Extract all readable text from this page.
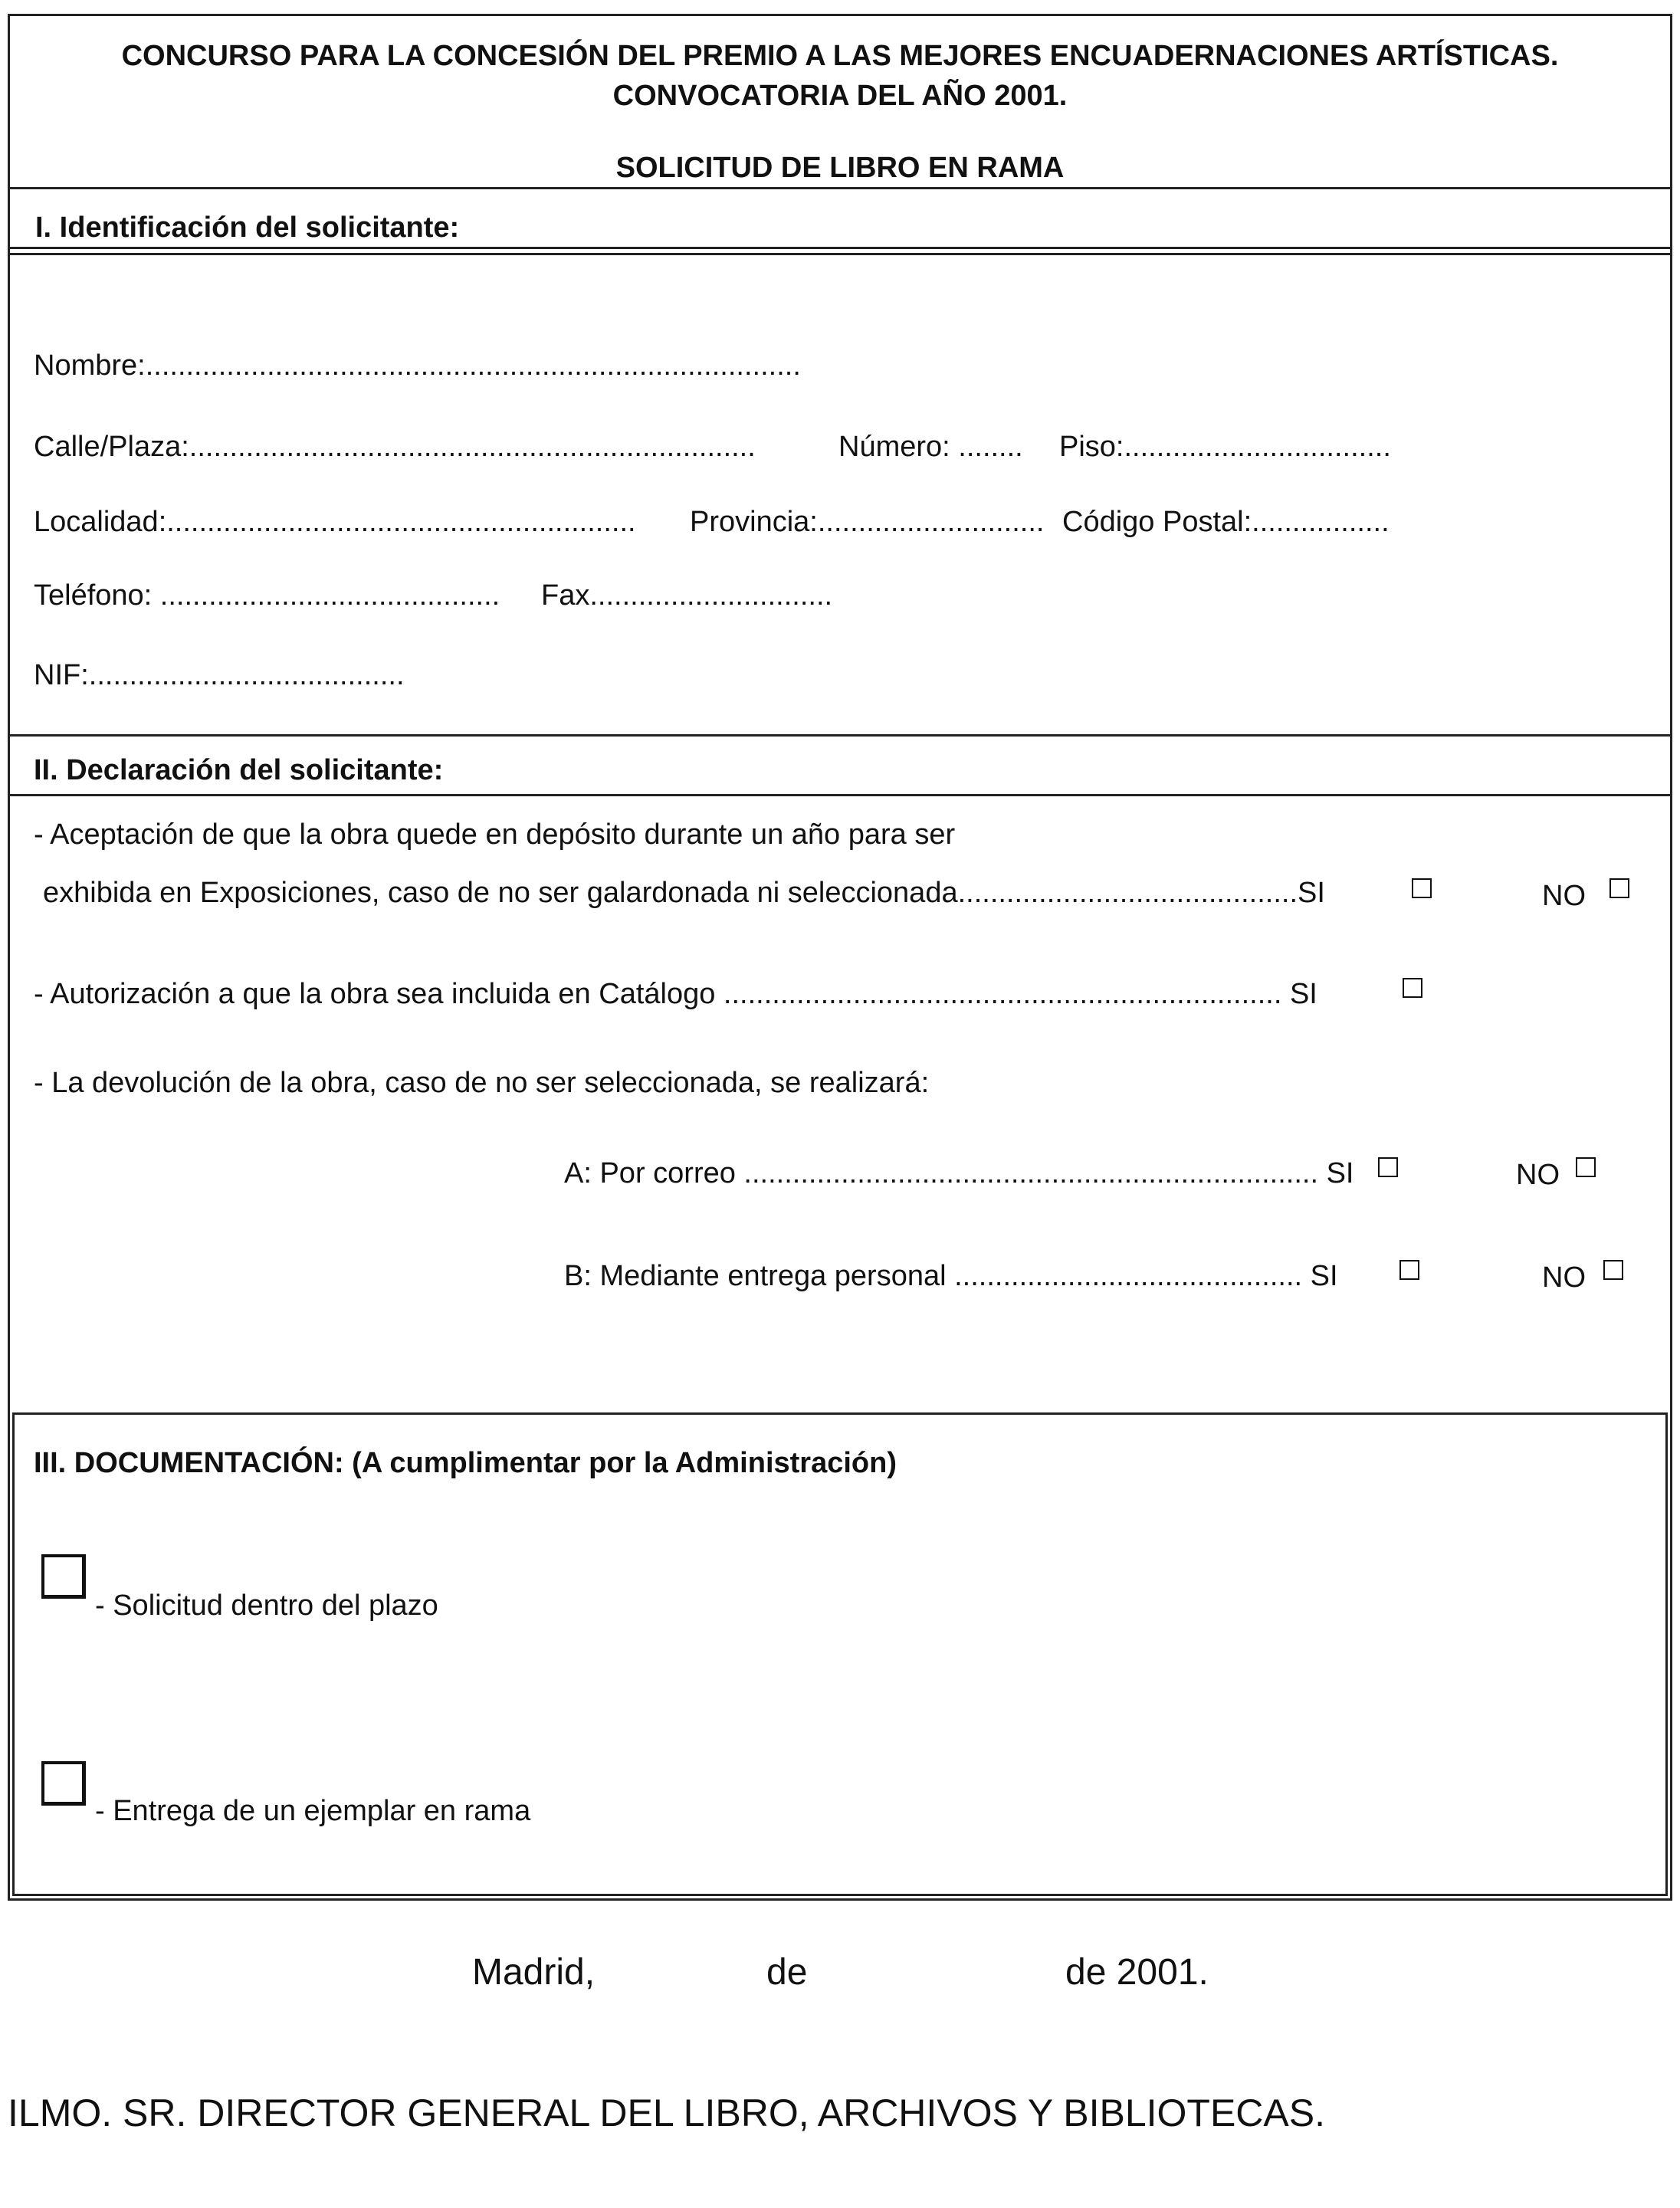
CONCURSO PARA LA CONCESIÓN DEL PREMIO A LAS MEJORES ENCUADERNACIONES ARTÍSTICAS.
CONVOCATORIA DEL AÑO 2001.
SOLICITUD DE LIBRO EN RAMA
I. Identificación del solicitante:
Nombre:.................................................................................
Calle/Plaza:......................................................................	Número: ........ Piso:.................................
Localidad:.......................................................... Provincia:............................ Código Postal:.................
Teléfono: .......................................... Fax..............................
NIF:.......................................
II. Declaración del solicitante:
- Aceptación de que la obra quede en depósito durante un año para ser
exhibida en Exposiciones, caso de no ser galardonada ni seleccionada..........................................SI	NO
- Autorización a que la obra sea incluida en Catálogo ..................................................................... SI
- La devolución de la obra, caso de no ser seleccionada, se realizará:
A: Por correo ....................................................................... SI	NO
B: Mediante entrega personal ........................................... SI	NO
III. DOCUMENTACIÓN: (A cumplimentar por la Administración)
- Solicitud dentro del plazo
- Entrega de un ejemplar en rama
Madrid,	de	de 2001.
ILMO. SR. DIRECTOR GENERAL DEL LIBRO, ARCHIVOS Y BIBLIOTECAS.
